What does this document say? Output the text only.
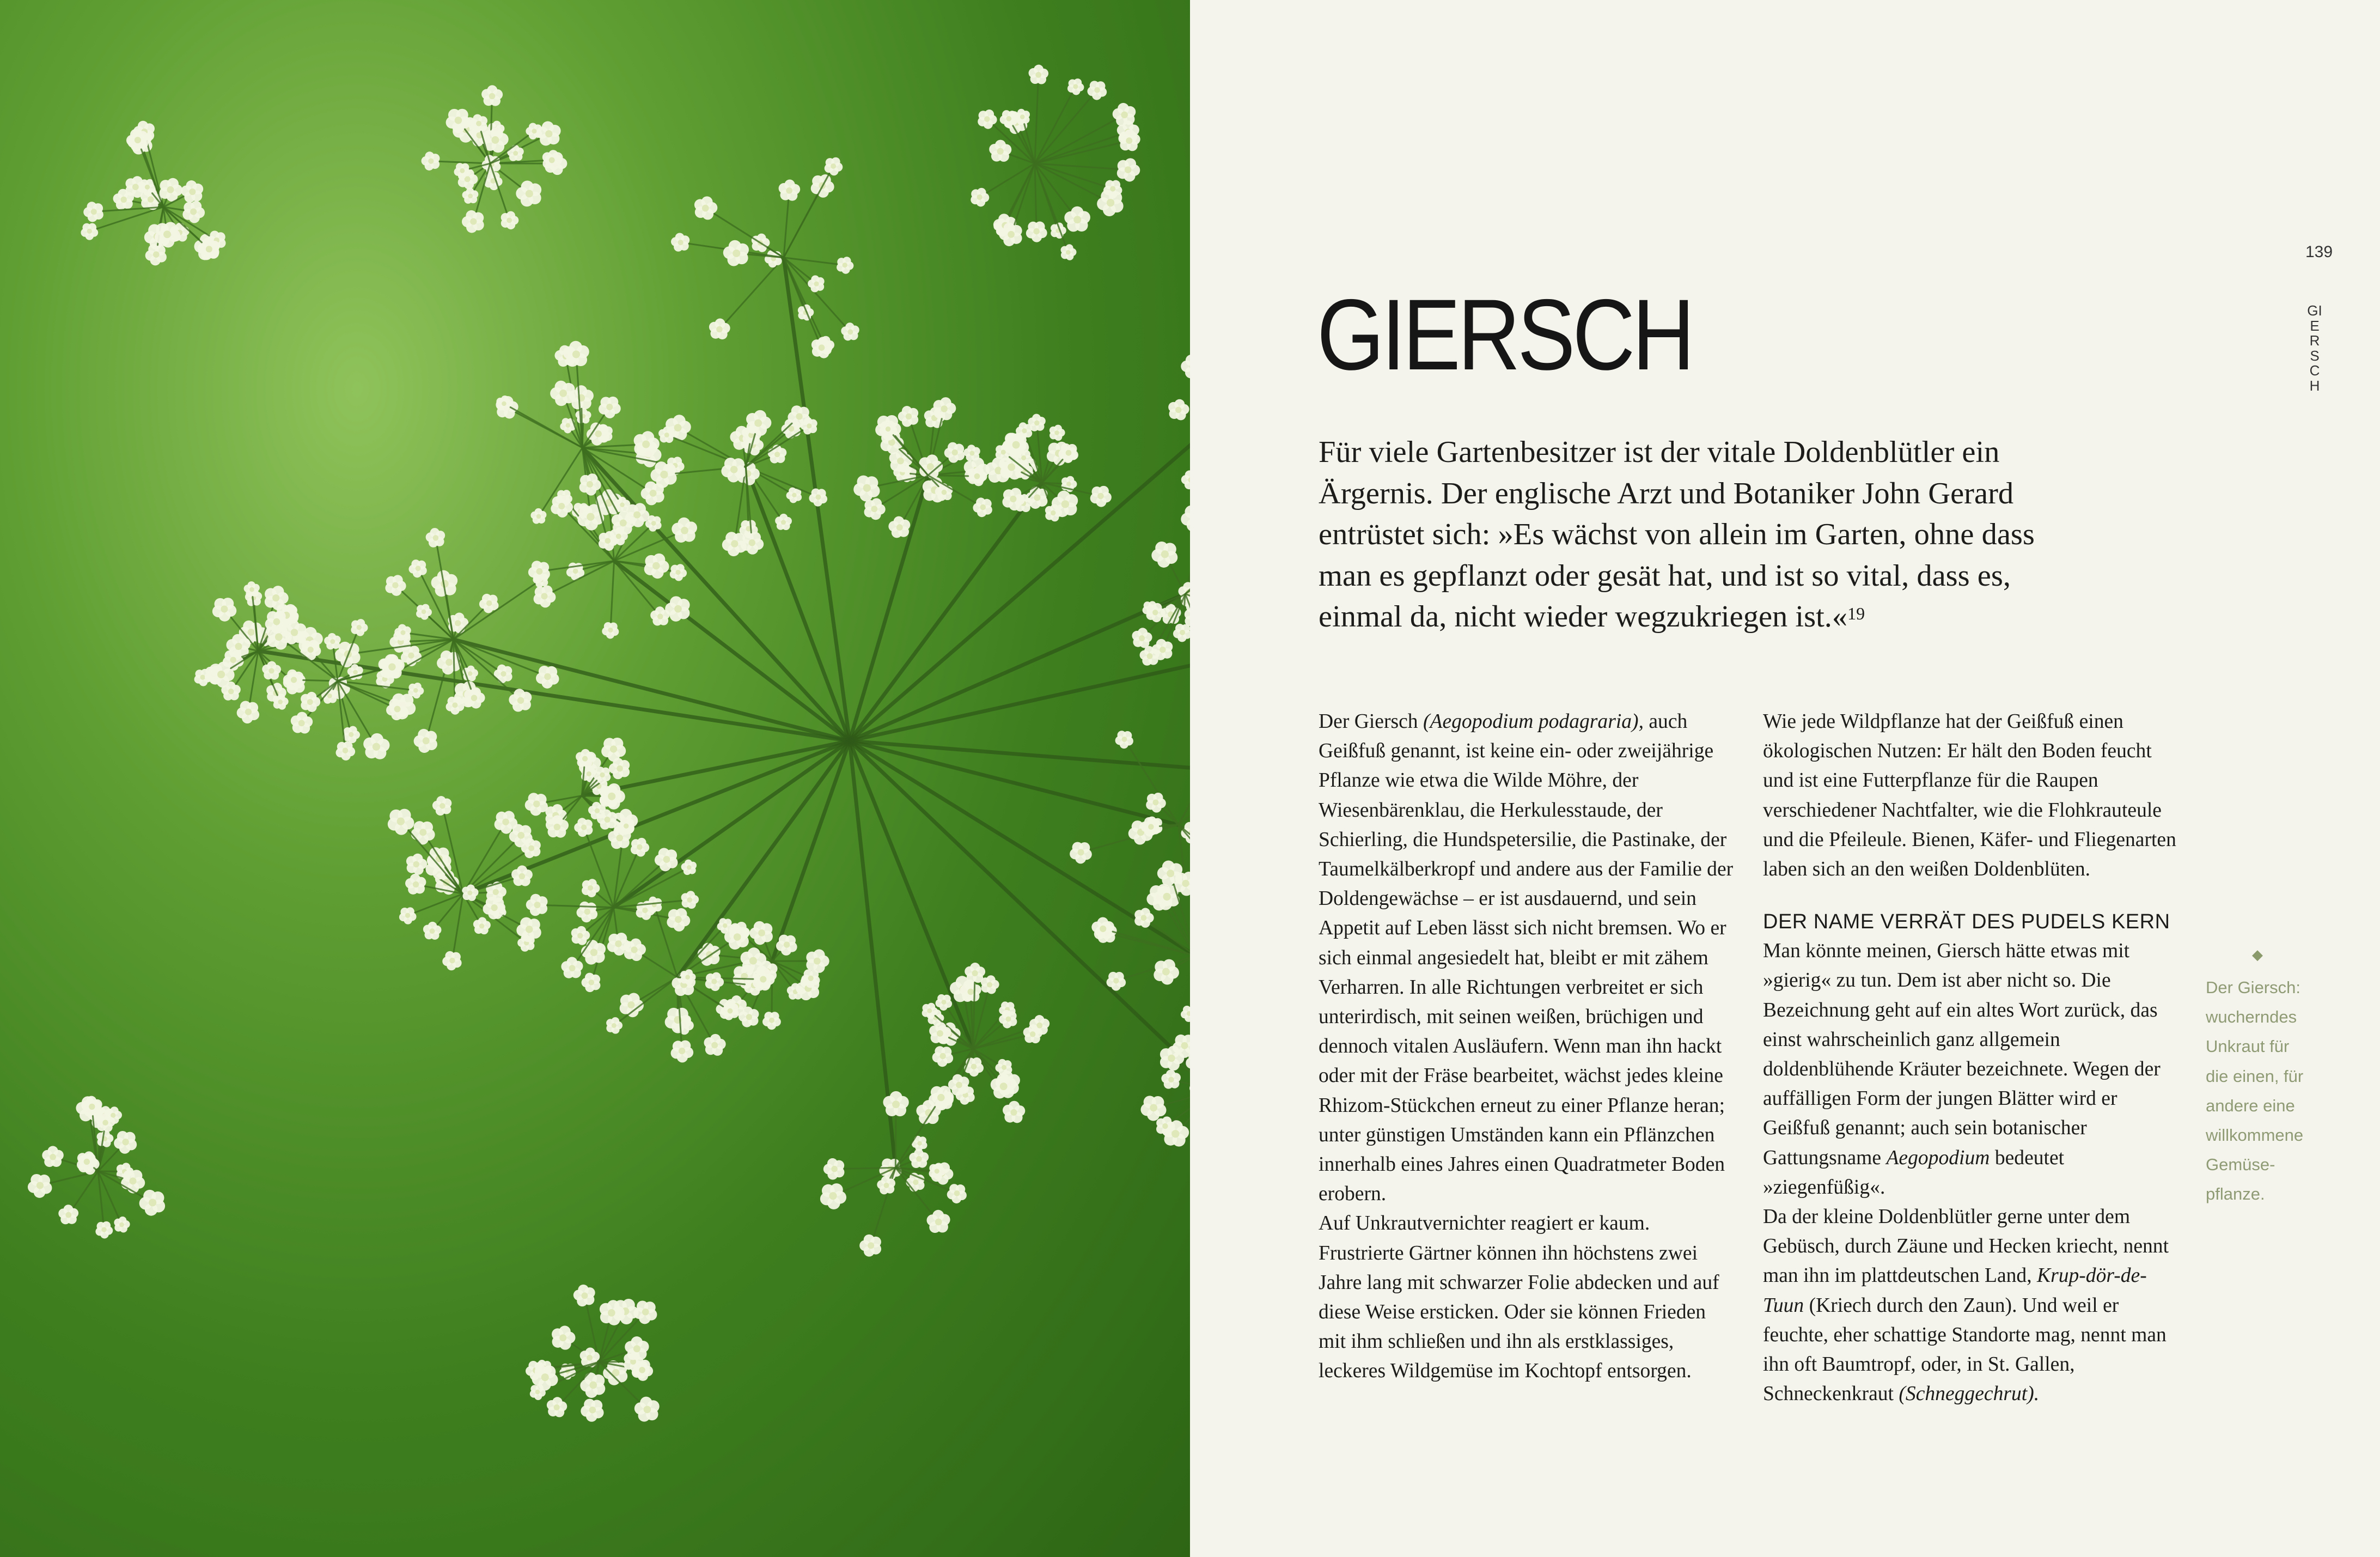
139
GIERSCH
GIERSCH

Für viele Gartenbesitzer ist der vitale Doldenblütler ein Ärgernis. Der englische Arzt und Botaniker John Gerard entrüstet sich: »Es wächst von allein im Garten, ohne dass man es gepflanzt oder gesät hat, und ist so vital, dass es, einmal da, nicht wieder wegzukriegen ist.«$^{19}$

Der Giersch (Aegopodium podagraria), auch Geißfuß genannt, ist keine ein- oder zweijährige Pflanze wie etwa die Wilde Möhre, der Wiesenbärenklau, die Herkulesstaude, der Schierling, die Hundspetersilie, die Pastinake, der Taumelkälberkropf und andere aus der Familie der Doldengewächse – er ist ausdauernd, und sein Appetit auf Leben lässt sich nicht bremsen. Wo er sich einmal angesiedelt hat, bleibt er mit zähem Verharren. In alle Richtungen verbreitet er sich unterirdisch, mit seinen weißen, brüchigen und dennoch vitalen Ausläufern. Wenn man ihn hackt oder mit der Fräse bearbeitet, wächst jedes kleine Rhizom-Stückchen erneut zu einer Pflanze heran; unter günstigen Umständen kann ein Pflänzchen innerhalb eines Jahres einen Quadratmeter Boden erobern.

Auf Unkrautvernichter reagiert er kaum. Frustrierte Gärtner können ihn höchstens zwei Jahre lang mit schwarzer Folie abdecken und auf diese Weise ersticken. Oder sie können Frieden mit ihm schließen und ihn als erstklassiges, leckeres Wildgemüse im Kochtopf entsorgen.

Wie jede Wildpflanze hat der Geißfuß einen ökologischen Nutzen: Er hält den Boden feucht und ist eine Futterpflanze für die Raupen verschiedener Nachtfalter, wie die Flohkrauteule und die Pfeileule. Bienen, Käfer- und Fliegenarten laben sich an den weißen Doldenblüten.

DER NAME VERRÄT DES PUDELS KERN

Man könnte meinen, Giersch hätte etwas mit »gierig« zu tun. Dem ist aber nicht so. Die Bezeichnung geht auf ein altes Wort zurück, das einst wahrscheinlich ganz allgemein doldenblühende Kräuter bezeichnete. Wegen der auffälligen Form der jungen Blätter wird er Geißfuß genannt; auch sein botanischer Gattungsname Aegopodium bedeutet »ziegenfüßig«.

Da der kleine Doldenblütler gerne unter dem Gebüsch, durch Zäune und Hecken kriecht, nennt man ihn im plattdeutschen Land, Krup-dör-de-Tuun (Kriech durch den Zaun). Und weil er feuchte, eher schattige Standorte mag, nennt man ihn oft Baumtropf, oder, in St. Gallen, Schneckenkraut (Schneggechrut).

◆

Der Giersch: wucherndes Unkraut für die einen, für andere eine willkommene Gemüse-pflanze.
